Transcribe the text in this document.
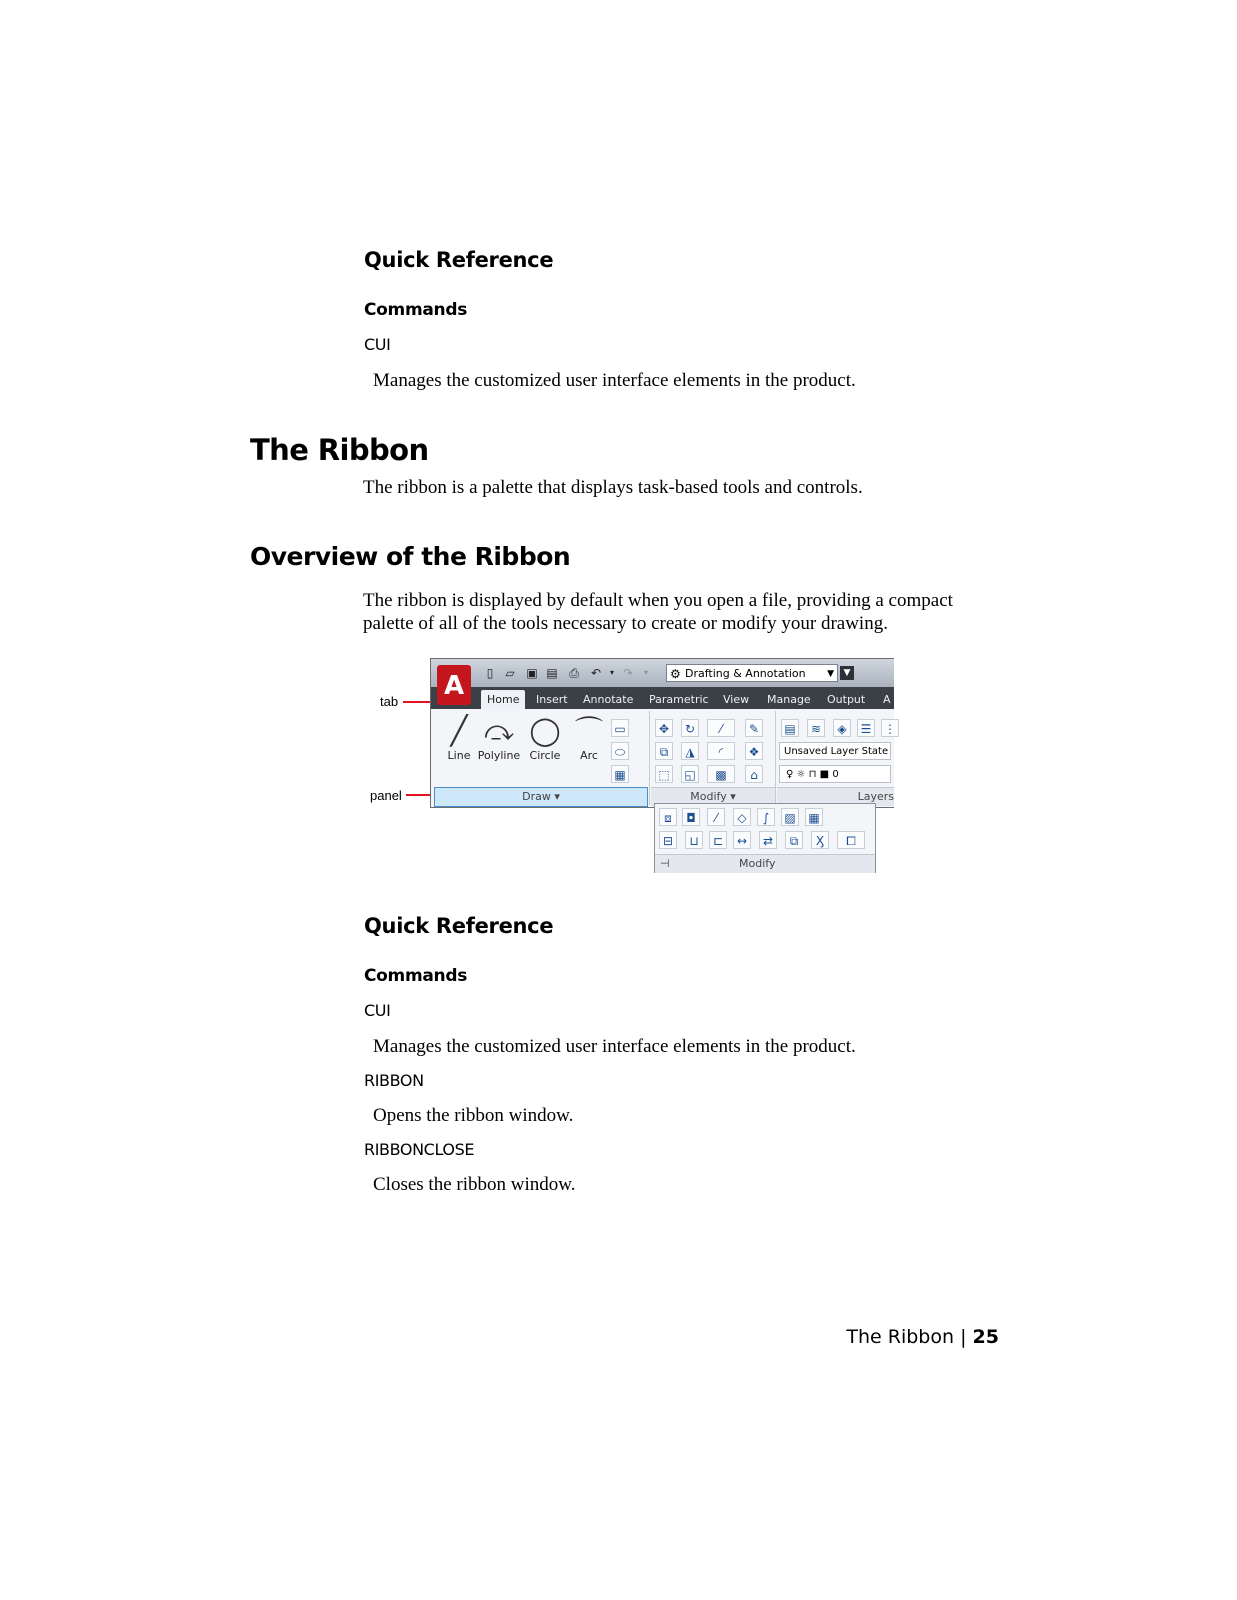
Quick Reference
Commands
CUI
Manages the customized user interface elements in the product.
The Ribbon

The ribbon is a palette that displays task-based tools and controls.

Overview of the Ribbon

The ribbon is displayed by default when you open a file, providing a compact palette of all of the tools necessary to create or modify your drawing.

tab
panel
▯	▱ ▣ ▤ ⎙ ↶	▾ ↷	▾	⚙ Drafting & Annotation ▼	▼
Home	Insert	Annotate	Parametric	View	Manage	Output	A
A
╱
Line
⤼
Polyline
◯
Circle
⌒
Arc
▭
⬭
▦
Draw ▾
✥	↻	⁄	✎
⧉	◮	◜	❖
⬚ ◱	▩	⌂
Modify ▾
▤	≋	◈	☰	⋮
Unsaved Layer State
♀ ☼ ⊓ ■ 0
Layers
⧈	◘	⁄	◇	∫	▨ ▦
⊟	⊔	⊏	↔	⇄	⧉	Ӽ	⧠
⊣	Modify
Quick Reference
Commands
CUI
Manages the customized user interface elements in the product.
RIBBON
Opens the ribbon window.
RIBBONCLOSE
Closes the ribbon window.
The Ribbon | 25
